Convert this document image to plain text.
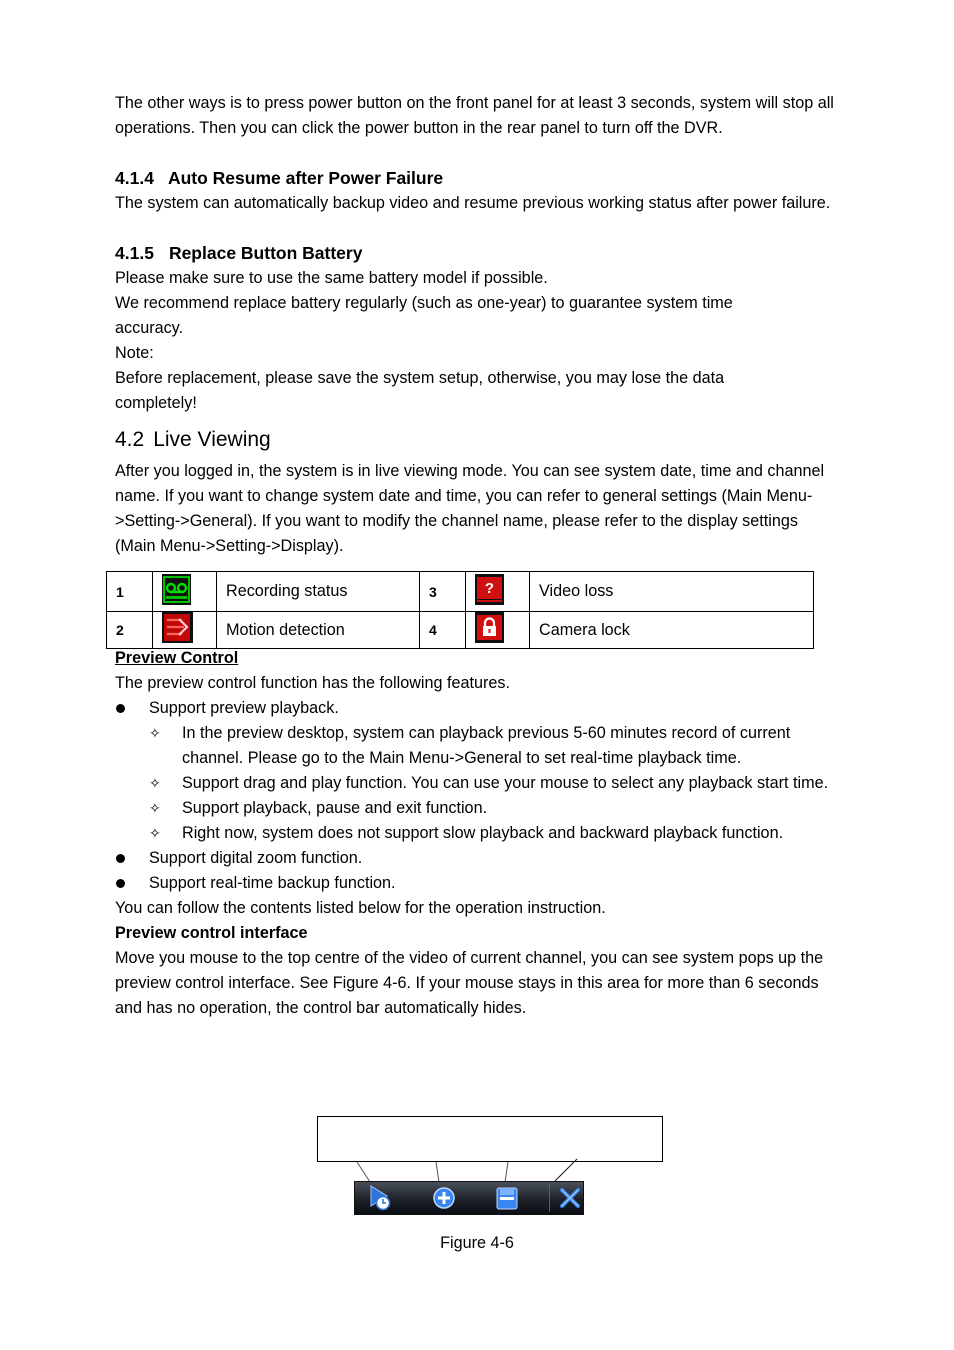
The other ways is to press power button on the front panel for at least 3 seconds, system will stop all operations. Then you can click the power button in the rear panel to turn off the DVR.

4.1.4 Auto Resume after Power Failure

The system can automatically backup video and resume previous working status after power failure.

4.1.5 Replace Button Battery

Please make sure to use the same battery model if possible.

We recommend replace battery regularly (such as one-year) to guarantee system time accuracy.

Note:

Before replacement, please save the system setup, otherwise, you may lose the data completely!

4.2 Live Viewing

After you logged in, the system is in live viewing mode. You can see system date, time and channel name. If you want to change system date and time, you can refer to general settings (Main Menu->Setting->General). If you want to modify the channel name, please refer to the display settings (Main Menu->Setting->Display).

1		Recording status	3	?	Video loss
2		Motion detection	4		Camera lock

Preview Control

The preview control function has the following features.

Support preview playback.
✧ In the preview desktop, system can playback previous 5-60 minutes record of current channel. Please go to the Main Menu->General to set real-time playback time.
✧ Support drag and play function. You can use your mouse to select any playback start time.
✧ Support playback, pause and exit function.
✧ Right now, system does not support slow playback and backward playback function.
Support digital zoom function.
Support real-time backup function.

You can follow the contents listed below for the operation instruction.

Preview control interface

Move you mouse to the top centre of the video of current channel, you can see system pops up the preview control interface. See Figure 4-6. If your mouse stays in this area for more than 6 seconds and has no operation, the control bar automatically hides.

Figure 4-6
